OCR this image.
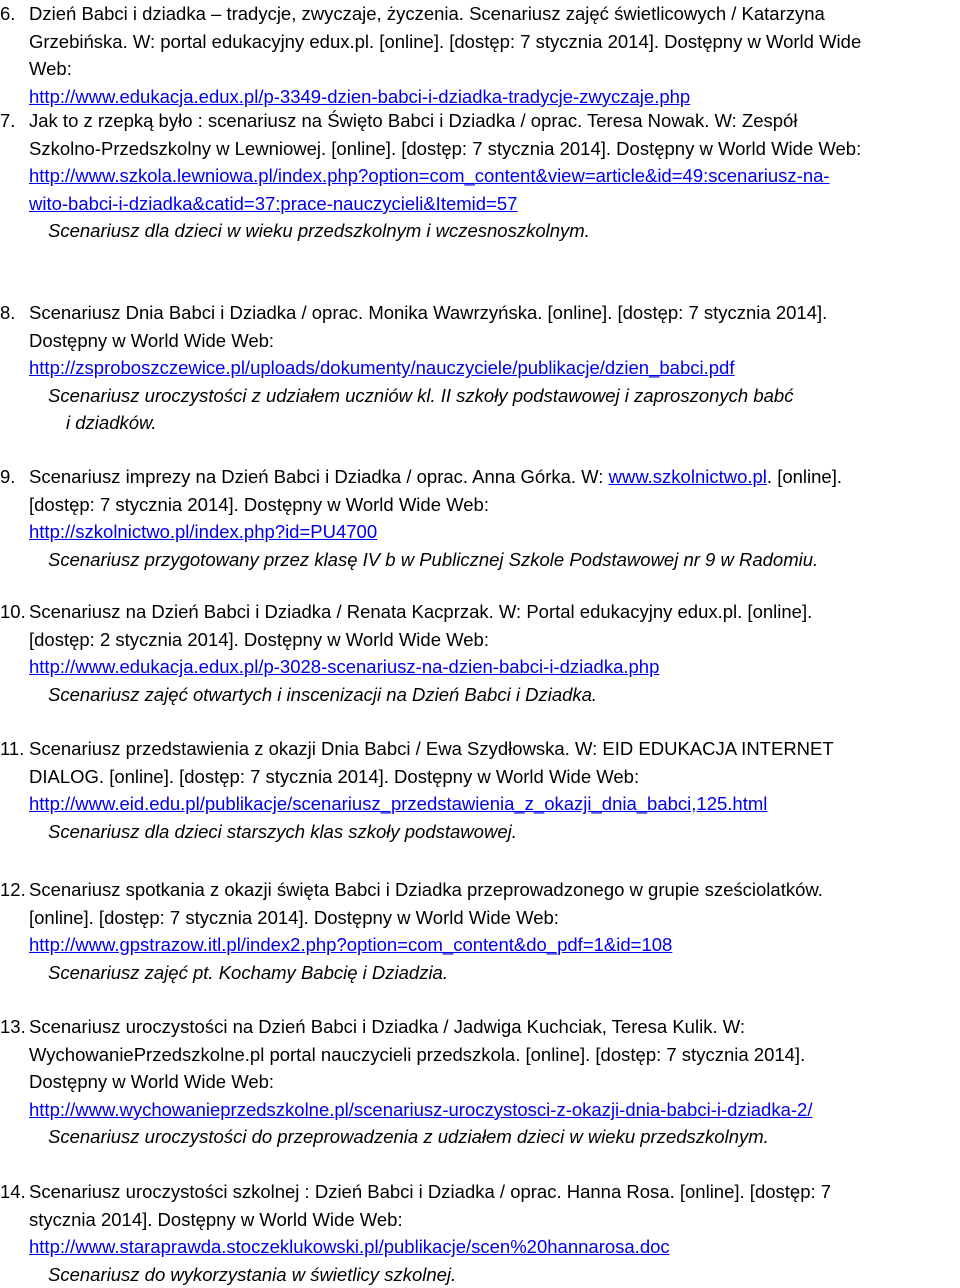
6. Dzień Babci i dziadka – tradycje, zwyczaje, życzenia. Scenariusz zajęć świetlicowych / Katarzyna
Grzebińska. W: portal edukacyjny edux.pl. [online]. [dostęp: 7 stycznia 2014]. Dostępny w World Wide
Web:
http://www.edukacja.edux.pl/p-3349-dzien-babci-i-dziadka-tradycje-zwyczaje.php
7. Jak to z rzepką było : scenariusz na Święto Babci i Dziadka / oprac. Teresa Nowak. W: Zespół
Szkolno-Przedszkolny w Lewniowej. [online]. [dostęp: 7 stycznia 2014]. Dostępny w World Wide Web:
http://www.szkola.lewniowa.pl/index.php?option=com_content&view=article&id=49:scenariusz-na-
wito-babci-i-dziadka&catid=37:prace-nauczycieli&Itemid=57
Scenariusz dla dzieci w wieku przedszkolnym i wczesnoszkolnym.
8. Scenariusz Dnia Babci i Dziadka / oprac. Monika Wawrzyńska. [online]. [dostęp: 7 stycznia 2014].
Dostępny w World Wide Web:
http://zsproboszczewice.pl/uploads/dokumenty/nauczyciele/publikacje/dzien_babci.pdf
Scenariusz uroczystości z udziałem uczniów kl. II szkoły podstawowej i zaproszonych babć
i dziadków.
9. Scenariusz imprezy na Dzień Babci i Dziadka / oprac. Anna Górka. W: www.szkolnictwo.pl. [online].
[dostęp: 7 stycznia 2014]. Dostępny w World Wide Web:
http://szkolnictwo.pl/index.php?id=PU4700
Scenariusz przygotowany przez klasę IV b w Publicznej Szkole Podstawowej nr 9 w Radomiu.
10. Scenariusz na Dzień Babci i Dziadka / Renata Kacprzak. W: Portal edukacyjny edux.pl. [online].
[dostęp: 2 stycznia 2014]. Dostępny w World Wide Web:
http://www.edukacja.edux.pl/p-3028-scenariusz-na-dzien-babci-i-dziadka.php
Scenariusz zajęć otwartych i inscenizacji na Dzień Babci i Dziadka.
11. Scenariusz przedstawienia z okazji Dnia Babci / Ewa Szydłowska. W: EID EDUKACJA INTERNET
DIALOG. [online]. [dostęp: 7 stycznia 2014]. Dostępny w World Wide Web:
http://www.eid.edu.pl/publikacje/scenariusz_przedstawienia_z_okazji_dnia_babci,125.html
Scenariusz dla dzieci starszych klas szkoły podstawowej.
12. Scenariusz spotkania z okazji święta Babci i Dziadka przeprowadzonego w grupie sześciolatków.
[online]. [dostęp: 7 stycznia 2014]. Dostępny w World Wide Web:
http://www.gpstrazow.itl.pl/index2.php?option=com_content&do_pdf=1&id=108
Scenariusz zajęć pt. Kochamy Babcię i Dziadzia.
13. Scenariusz uroczystości na Dzień Babci i Dziadka / Jadwiga Kuchciak, Teresa Kulik. W:
WychowaniePrzedszkolne.pl portal nauczycieli przedszkola. [online]. [dostęp: 7 stycznia 2014].
Dostępny w World Wide Web:
http://www.wychowanieprzedszkolne.pl/scenariusz-uroczystosci-z-okazji-dnia-babci-i-dziadka-2/
Scenariusz uroczystości do przeprowadzenia z udziałem dzieci w wieku przedszkolnym.
14. Scenariusz uroczystości szkolnej : Dzień Babci i Dziadka / oprac. Hanna Rosa. [online]. [dostęp: 7
stycznia 2014]. Dostępny w World Wide Web:
http://www.staraprawda.stoczeklukowski.pl/publikacje/scen%20hannarosa.doc
Scenariusz do wykorzystania w świetlicy szkolnej.
